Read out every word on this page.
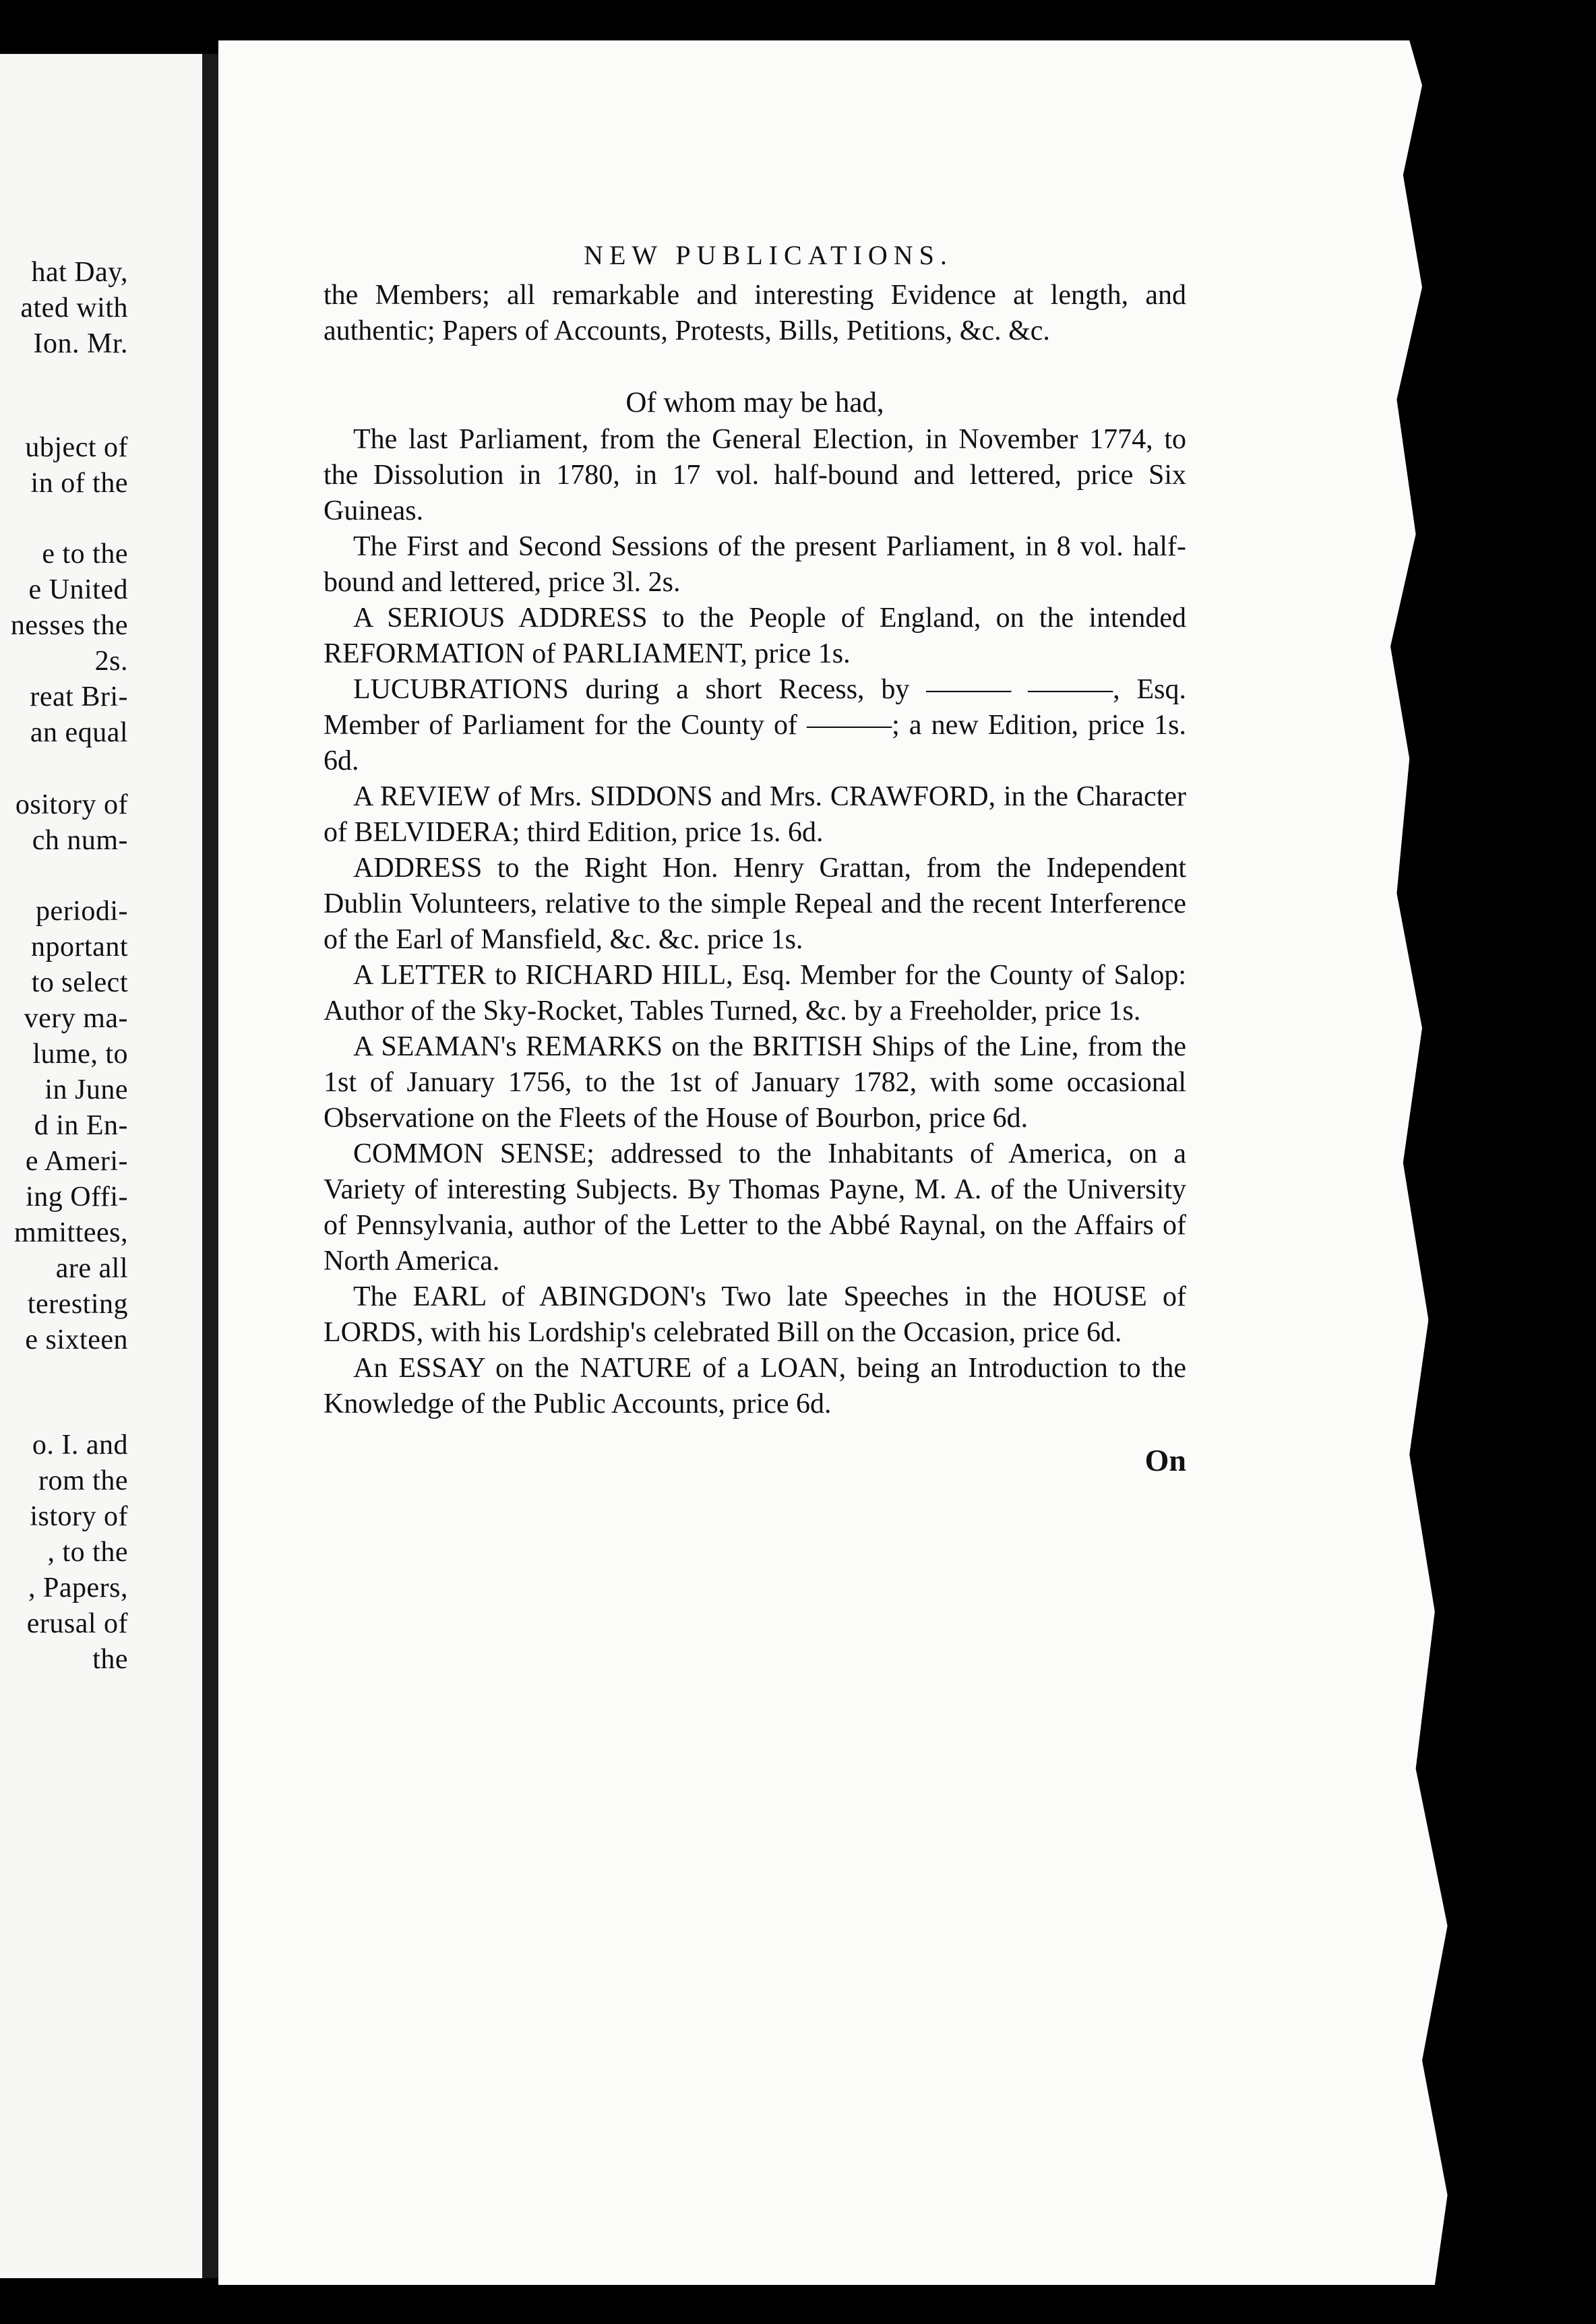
hat Day,
ated with
Ion. Mr.
ubject of
in of the
e to the
e United
nesses the
2s.
reat Bri-
an equal
ository of
ch num-
periodi-
nportant
to select
very ma-
lume, to
in June
d in En-
e Ameri-
ing Offi-
mmittees,
are all
teresting
e sixteen
o. I. and
rom the
istory of
, to the
, Papers,
erusal of
the
NEW PUBLICATIONS.

the Members; all remarkable and interesting Evidence at length, and authentic; Papers of Accounts, Protests, Bills, Petitions, &c. &c.

Of whom may be had,

The last Parliament, from the General Election, in November 1774, to the Dissolution in 1780, in 17 vol. half-bound and lettered, price Six Guineas.

The First and Second Sessions of the present Parliament, in 8 vol. half-bound and lettered, price 3l. 2s.

A SERIOUS ADDRESS to the People of England, on the intended REFORMATION of PARLIAMENT, price 1s.

LUCUBRATIONS during a short Recess, by ——— ———, Esq. Member of Parliament for the County of ———; a new Edition, price 1s. 6d.

A REVIEW of Mrs. SIDDONS and Mrs. CRAWFORD, in the Character of BELVIDERA; third Edition, price 1s. 6d.

ADDRESS to the Right Hon. Henry Grattan, from the Independent Dublin Volunteers, relative to the simple Repeal and the recent Interference of the Earl of Mansfield, &c. &c. price 1s.

A LETTER to RICHARD HILL, Esq. Member for the County of Salop: Author of the Sky-Rocket, Tables Turned, &c. by a Freeholder, price 1s.

A SEAMAN's REMARKS on the BRITISH Ships of the Line, from the 1st of January 1756, to the 1st of January 1782, with some occasional Observatione on the Fleets of the House of Bourbon, price 6d.

COMMON SENSE; addressed to the Inhabitants of America, on a Variety of interesting Subjects. By Thomas Payne, M. A. of the University of Pennsylvania, author of the Letter to the Abbé Raynal, on the Affairs of North America.

The EARL of ABINGDON's Two late Speeches in the HOUSE of LORDS, with his Lordship's celebrated Bill on the Occasion, price 6d.

An ESSAY on the NATURE of a LOAN, being an Introduction to the Knowledge of the Public Accounts, price 6d.

On
